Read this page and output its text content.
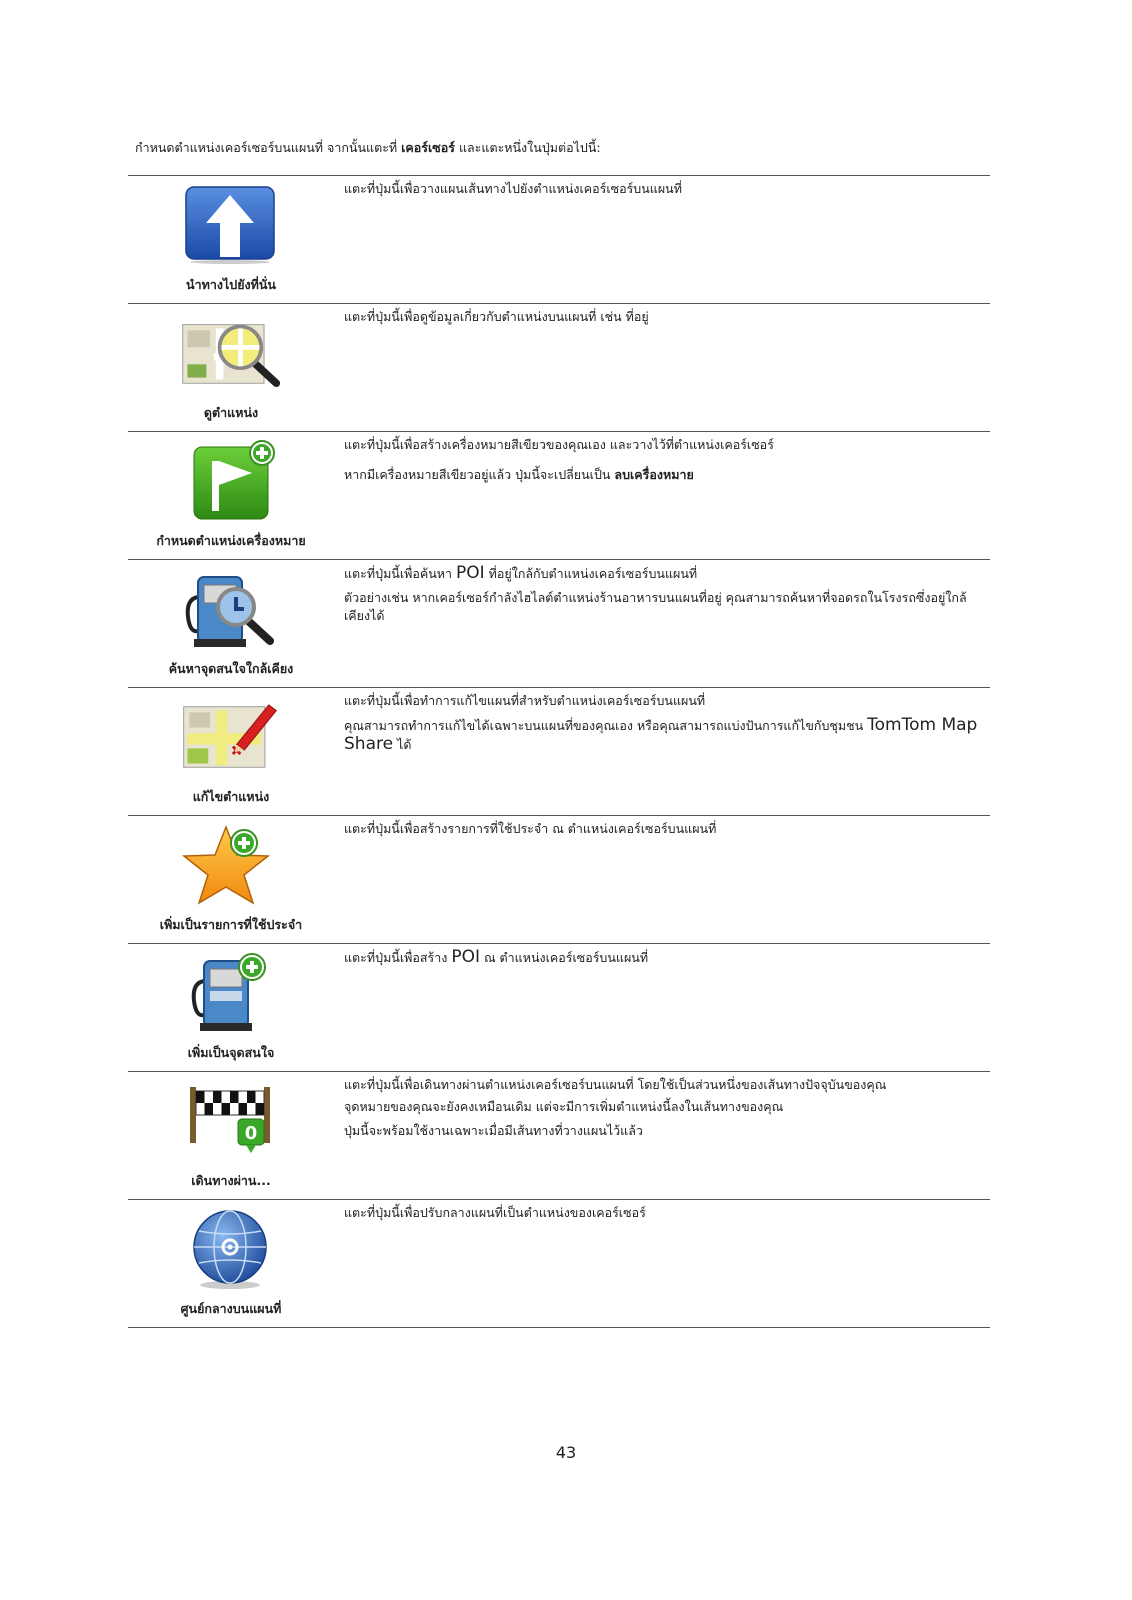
กำหนดตำแหน่งเคอร์เซอร์บนแผนที่ จากนั้นแตะที่ เคอร์เซอร์ และแตะหนึ่งในปุ่มต่อไปนี้:
นำทางไปยังที่นั่น

แตะที่ปุ่มนี้เพื่อวางแผนเส้นทางไปยังตำแหน่งเคอร์เซอร์บนแผนที่

ดูตำแหน่ง

แตะที่ปุ่มนี้เพื่อดูข้อมูลเกี่ยวกับตำแหน่งบนแผนที่ เช่น ที่อยู่

กำหนดตำแหน่งเครื่องหมาย

แตะที่ปุ่มนี้เพื่อสร้างเครื่องหมายสีเขียวของคุณเอง และวางไว้ที่ตำแหน่งเคอร์เซอร์

หากมีเครื่องหมายสีเขียวอยู่แล้ว ปุ่มนี้จะเปลี่ยนเป็น ลบเครื่องหมาย

ค้นหาจุดสนใจใกล้เคียง

แตะที่ปุ่มนี้เพื่อค้นหา POI ที่อยู่ใกล้กับตำแหน่งเคอร์เซอร์บนแผนที่

ตัวอย่างเช่น หากเคอร์เซอร์กำลังไฮไลต์ตำแหน่งร้านอาหารบนแผนที่อยู่ คุณสามารถค้นหาที่จอดรถในโรงรถซึ่งอยู่ใกล้เคียงได้

แก้ไขตำแหน่ง

แตะที่ปุ่มนี้เพื่อทำการแก้ไขแผนที่สำหรับตำแหน่งเคอร์เซอร์บนแผนที่

คุณสามารถทำการแก้ไขได้เฉพาะบนแผนที่ของคุณเอง หรือคุณสามารถแบ่งปันการแก้ไขกับชุมชน TomTom Map Share ได้

เพิ่มเป็นรายการที่ใช้ประจำ

แตะที่ปุ่มนี้เพื่อสร้างรายการที่ใช้ประจำ ณ ตำแหน่งเคอร์เซอร์บนแผนที่

เพิ่มเป็นจุดสนใจ

แตะที่ปุ่มนี้เพื่อสร้าง POI ณ ตำแหน่งเคอร์เซอร์บนแผนที่

0
เดินทางผ่าน...

แตะที่ปุ่มนี้เพื่อเดินทางผ่านตำแหน่งเคอร์เซอร์บนแผนที่ โดยใช้เป็นส่วนหนึ่งของเส้นทางปัจจุบันของคุณ

จุดหมายของคุณจะยังคงเหมือนเดิม แต่จะมีการเพิ่มตำแหน่งนี้ลงในเส้นทางของคุณ

ปุ่มนี้จะพร้อมใช้งานเฉพาะเมื่อมีเส้นทางที่วางแผนไว้แล้ว

ศูนย์กลางบนแผนที่

แตะที่ปุ่มนี้เพื่อปรับกลางแผนที่เป็นตำแหน่งของเคอร์เซอร์

43
